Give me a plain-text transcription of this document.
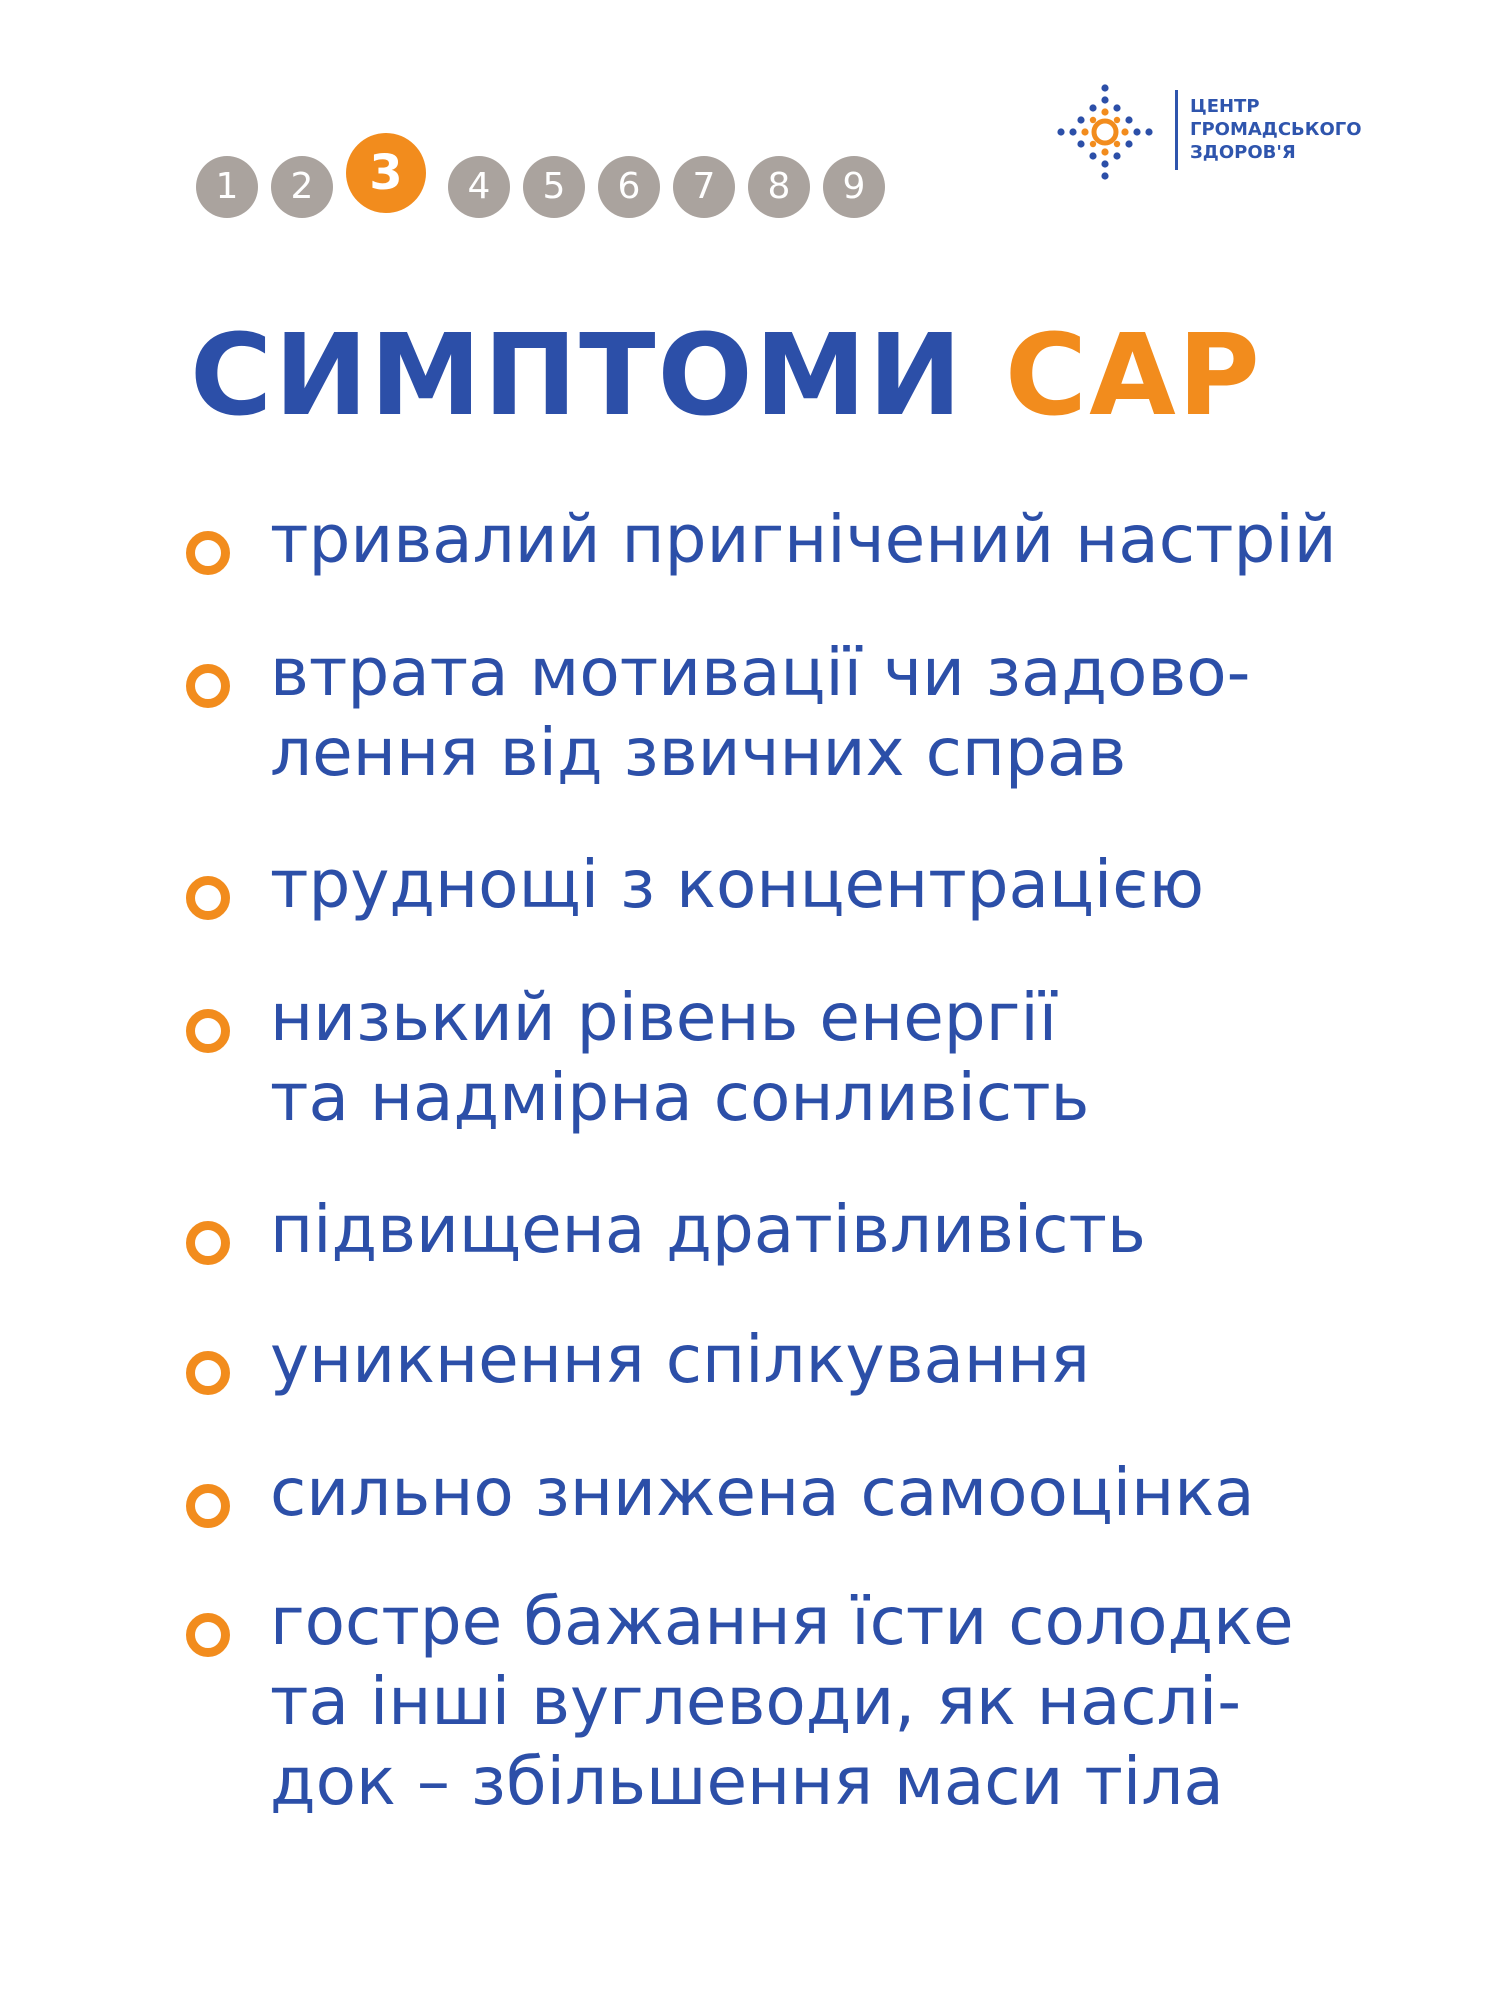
1	2	3	4	5	6	7	8	9
ЦЕНТР
ГРОМАДСЬКОГО
ЗДОРОВ'Я
СИМПТОМИ САР
тривалий пригнічений настрій
втрата мотивації чи задово-
лення від звичних справ
труднощі з концентрацією
низький рівень енергії
та надмірна сонливість
підвищена дратівливість
уникнення спілкування
сильно знижена самооцінка
гостре бажання їсти солодке
та інші вуглеводи, як наслі-
док – збільшення маси тіла
